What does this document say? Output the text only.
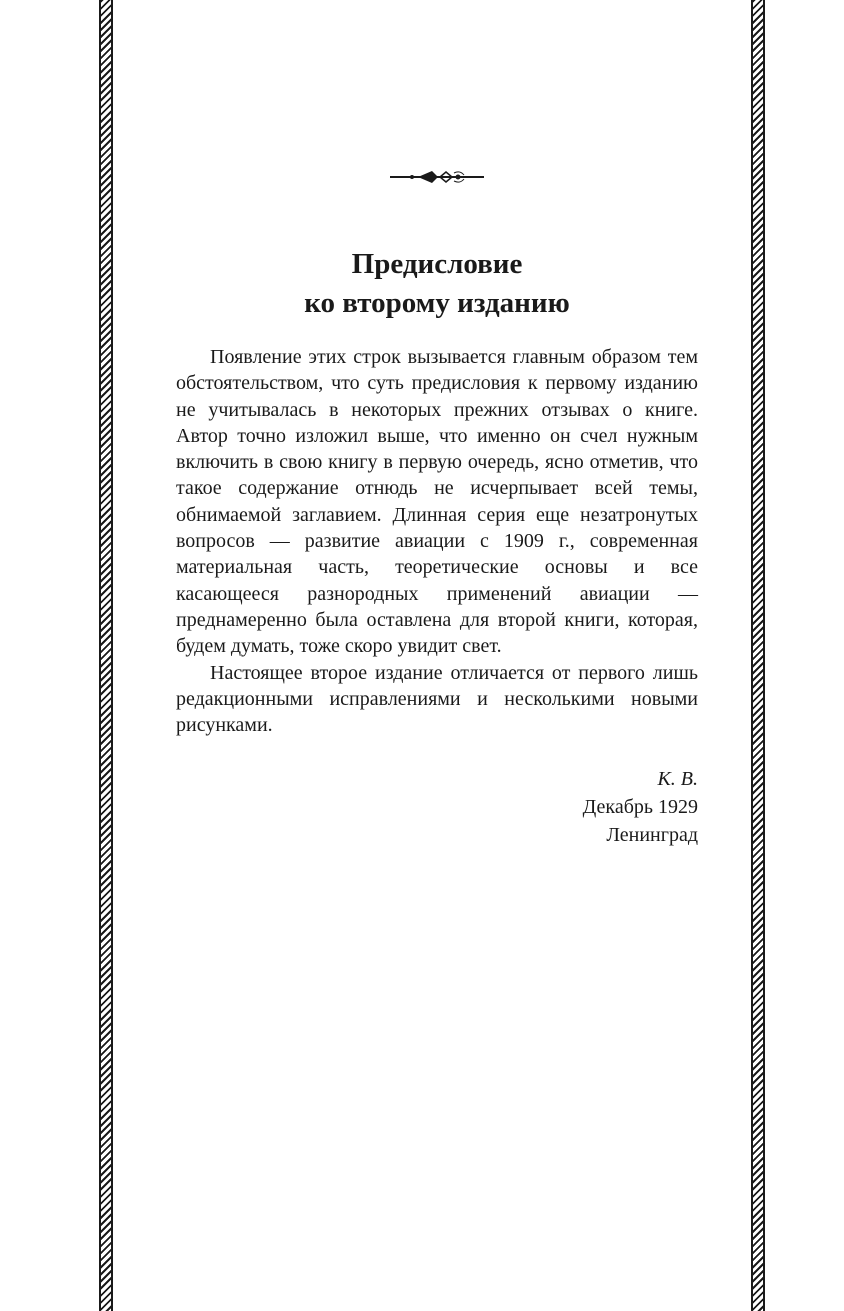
Предисловие
ко второму изданию

Появление этих строк вызывается главным образом тем обстоятельством, что суть предисловия к первому изданию не учитывалась в некоторых прежних отзывах о книге. Автор точно изложил выше, что именно он счел нужным включить в свою книгу в первую очередь, ясно отметив, что такое содержание отнюдь не исчерпывает всей темы, обнимаемой заглавием. Длинная серия еще незатронутых вопросов — развитие авиации с 1909 г., современная материальная часть, теоретические основы и все касающееся разнородных применений авиации — преднамеренно была оставлена для второй книги, которая, будем думать, тоже скоро увидит свет.

Настоящее второе издание отличается от первого лишь редакционными исправлениями и несколькими новыми рисунками.

К. В.
Декабрь 1929
Ленинград
